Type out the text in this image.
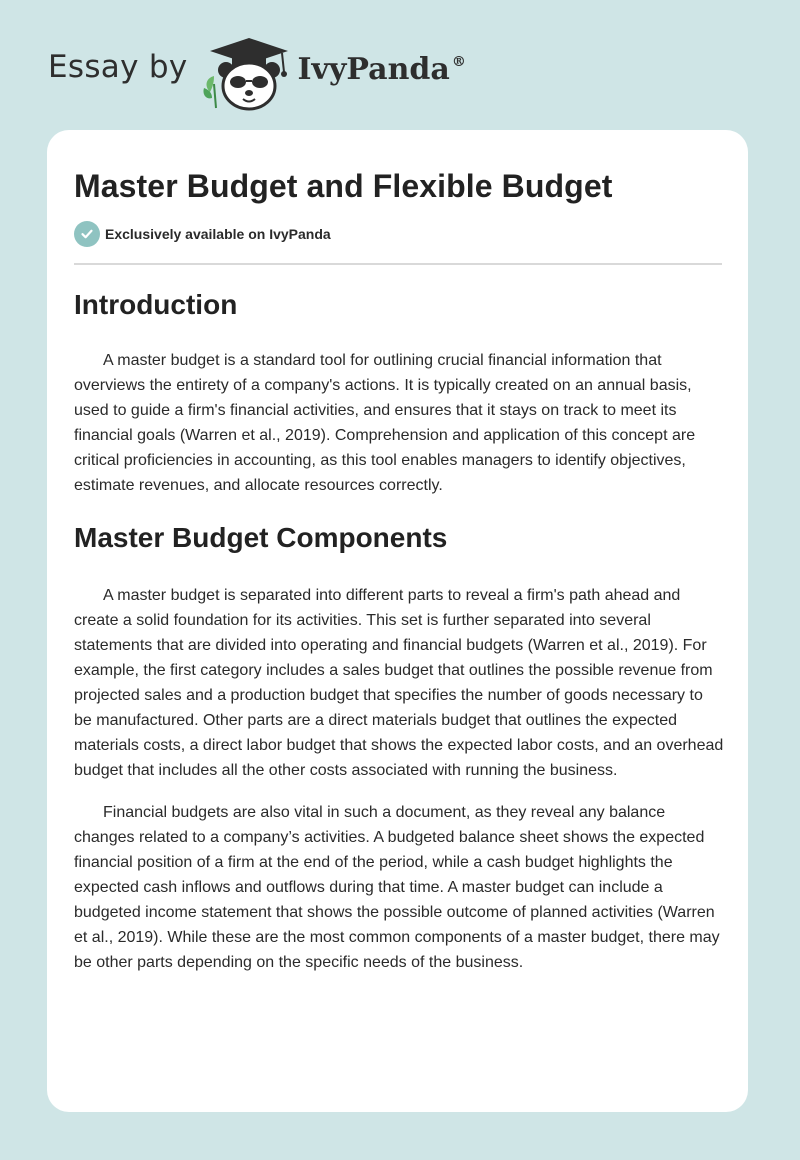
Essay by	IvyPanda®
Master Budget and Flexible Budget
Exclusively available on IvyPanda
Introduction

A master budget is a standard tool for outlining crucial financial information that overviews the entirety of a company's actions. It is typically created on an annual basis, used to guide a firm's financial activities, and ensures that it stays on track to meet its financial goals (Warren et al., 2019). Comprehension and application of this concept are critical proficiencies in accounting, as this tool enables managers to identify objectives, estimate revenues, and allocate resources correctly.

Master Budget Components

A master budget is separated into different parts to reveal a firm's path ahead and create a solid foundation for its activities. This set is further separated into several statements that are divided into operating and financial budgets (Warren et al., 2019). For example, the first category includes a sales budget that outlines the possible revenue from projected sales and a production budget that specifies the number of goods necessary to be manufactured. Other parts are a direct materials budget that outlines the expected materials costs, a direct labor budget that shows the expected labor costs, and an overhead budget that includes all the other costs associated with running the business.

Financial budgets are also vital in such a document, as they reveal any balance changes related to a company’s activities. A budgeted balance sheet shows the expected financial position of a firm at the end of the period, while a cash budget highlights the expected cash inflows and outflows during that time. A master budget can include a budgeted income statement that shows the possible outcome of planned activities (Warren et al., 2019). While these are the most common components of a master budget, there may be other parts depending on the specific needs of the business.
